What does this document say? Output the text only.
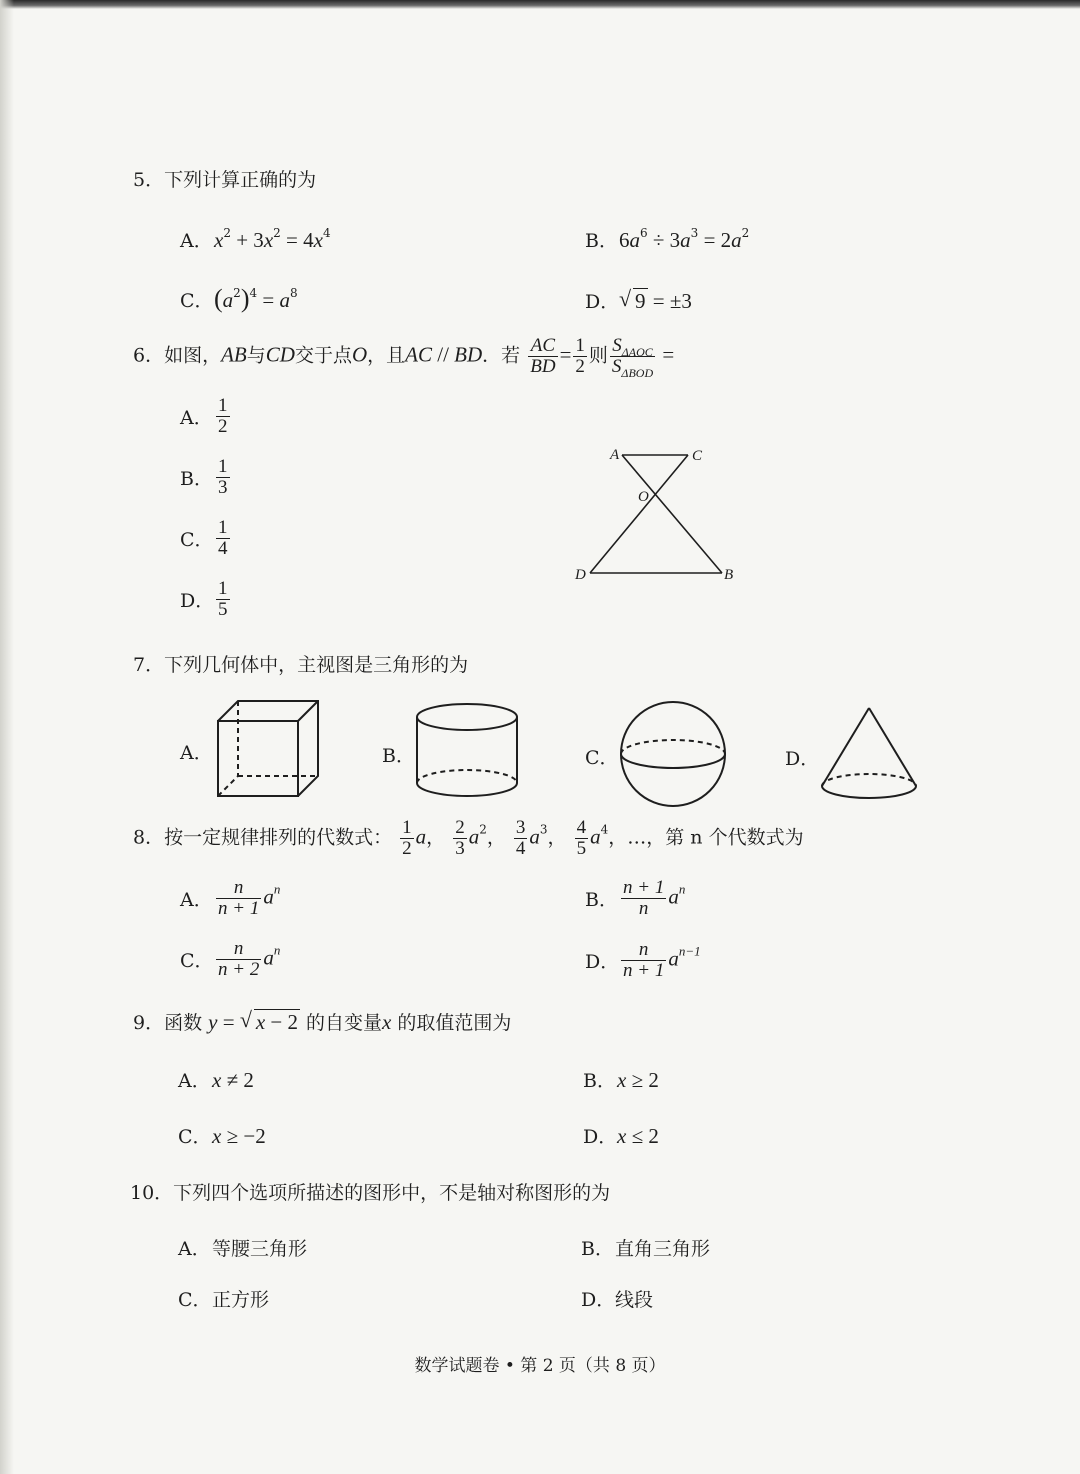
5．下列计算正确的为
A．$x^2 + 3x^2 = 4x^4$	B．$6a^6 \div 3a^3 = 2a^2$
C．$(a^2)^4 = a^8$	D．√ 9 = ±3
6．如图，AB与CD交于点O，且AC // BD．若 $\frac{AC}{BD} = \frac{1}{2}$ 则 $\frac{S_{\Delta AOC}}{S_{\Delta BOD}}$ =
A． $\frac{1}{2}$
B． $\frac{1}{3}$
C． $\frac{1}{4}$
D． $\frac{1}{5}$
A	C
O
D	B
7．下列几何体中，主视图是三角形的为
A．	B．	C．	D．
8．按一定规律排列的代数式： $\frac{1}{2}$ a， $\frac{2}{3} a^2$， $\frac{3}{4} a^3$， $\frac{4}{5} a^4$，…，第 n 个代数式为
A． $\frac{n}{n + 1} a^n$	B． $\frac{n + 1}{n} a^n$
C． $\frac{n}{n + 2} a^n$
D． $\frac{n}{n + 1} a^{n-1}$
9．函数 y = √ x − 2 的自变量x 的取值范围为
A．x ≠ 2	B．x ≥ 2
C．x ≥ −2	D．x ≤ 2
10．下列四个选项所描述的图形中，不是轴对称图形的为
A．等腰三角形	B．直角三角形
C．正方形	D．线段
数学试题卷 • 第 2 页（共 8 页）
